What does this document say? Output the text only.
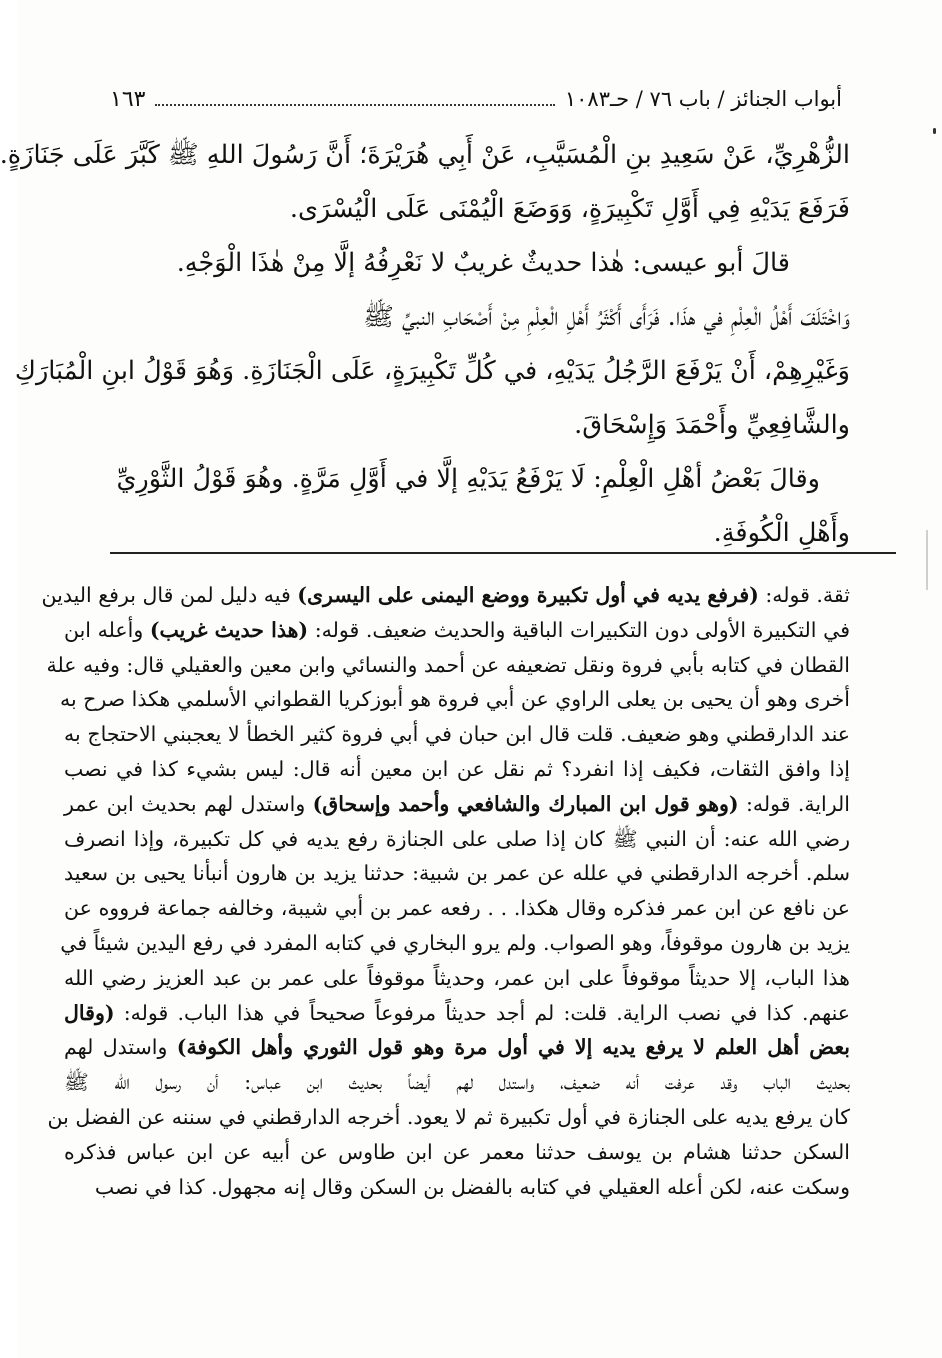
أبواب الجنائز / باب ٧٦ / حـ١٠٨٣
١٦٣
الزُّهْرِيِّ، عَنْ سَعِيدِ بنِ الْمُسَيَّبِ، عَنْ أَبِي هُرَيْرَةَ؛ أَنَّ رَسُولَ اللهِ ﷺ كَبَّرَ عَلَى جَنَازَةٍ.
فَرَفَعَ يَدَيْهِ فِي أَوَّلِ تَكْبِيرَةٍ، وَوَضَعَ الْيُمْنَى عَلَى الْيُسْرَى.
قالَ أبو عيسى: هٰذا حديثٌ غريبٌ لا نَعْرِفُهُ إلَّا مِنْ هٰذَا الْوَجْهِ.
وَاخْتَلَفَ أَهْلُ الْعِلْمِ في هذَا. فَرَأَى أَكْثَرُ أَهْلِ الْعِلْمِ مِنْ أَصْحَابِ النبيِّ ﷺ
وَغَيْرِهِمْ، أَنْ يَرْفَعَ الرَّجُلُ يَدَيْهِ، في كُلِّ تَكْبِيرَةٍ، عَلَى الْجَنَازَةِ. وَهُوَ قَوْلُ ابنِ الْمُبَارَكِ
والشَّافِعِيِّ وأَحْمَدَ وَإِسْحَاقَ.
وقالَ بَعْضُ أهْلِ الْعِلْمِ: لَا يَرْفَعُ يَدَيْهِ إلَّا في أَوَّلِ مَرَّةٍ. وهُوَ قَوْلُ الثَّوْرِيِّ
وأَهْلِ الْكُوفَةِ.
ثقة. قوله: (فرفع يديه في أول تكبيرة ووضع اليمنى على اليسرى) فيه دليل لمن قال برفع اليدين
في التكبيرة الأولى دون التكبيرات الباقية والحديث ضعيف. قوله: (هذا حديث غريب) وأعله ابن
القطان في كتابه بأبي فروة ونقل تضعيفه عن أحمد والنسائي وابن معين والعقيلي قال: وفيه علة
أخرى وهو أن يحيى بن يعلى الراوي عن أبي فروة هو أبوزكريا القطواني الأسلمي هكذا صرح به
عند الدارقطني وهو ضعيف. قلت قال ابن حبان في أبي فروة كثير الخطأ لا يعجبني الاحتجاج به
إذا وافق الثقات، فكيف إذا انفرد؟ ثم نقل عن ابن معين أنه قال: ليس بشيء كذا في نصب
الراية. قوله: (وهو قول ابن المبارك والشافعي وأحمد وإسحاق) واستدل لهم بحديث ابن عمر
رضي الله عنه: أن النبي ﷺ كان إذا صلى على الجنازة رفع يديه في كل تكبيرة، وإذا انصرف
سلم. أخرجه الدارقطني في علله عن عمر بن شبية: حدثنا يزيد بن هارون أنبأنا يحيى بن سعيد
عن نافع عن ابن عمر فذكره وقال هكذا. . . رفعه عمر بن أبي شيبة، وخالفه جماعة فرووه عن
يزيد بن هارون موقوفاً، وهو الصواب. ولم يرو البخاري في كتابه المفرد في رفع اليدين شيئاً في
هذا الباب، إلا حديثاً موقوفاً على ابن عمر، وحديثاً موقوفاً على عمر بن عبد العزيز رضي الله
عنهم. كذا في نصب الراية. قلت: لم أجد حديثاً مرفوعاً صحيحاً في هذا الباب. قوله: (وقال
بعض أهل العلم لا يرفع يديه إلا في أول مرة وهو قول الثوري وأهل الكوفة) واستدل لهم
بحديث الباب وقد عرفت أنه ضعيف، واستدل لهم أيضاً بحديث ابن عباس: أن رسول الله ﷺ
كان يرفع يديه على الجنازة في أول تكبيرة ثم لا يعود. أخرجه الدارقطني في سننه عن الفضل بن
السكن حدثنا هشام بن يوسف حدثنا معمر عن ابن طاوس عن أبيه عن ابن عباس فذكره
وسكت عنه، لكن أعله العقيلي في كتابه بالفضل بن السكن وقال إنه مجهول. كذا في نصب
